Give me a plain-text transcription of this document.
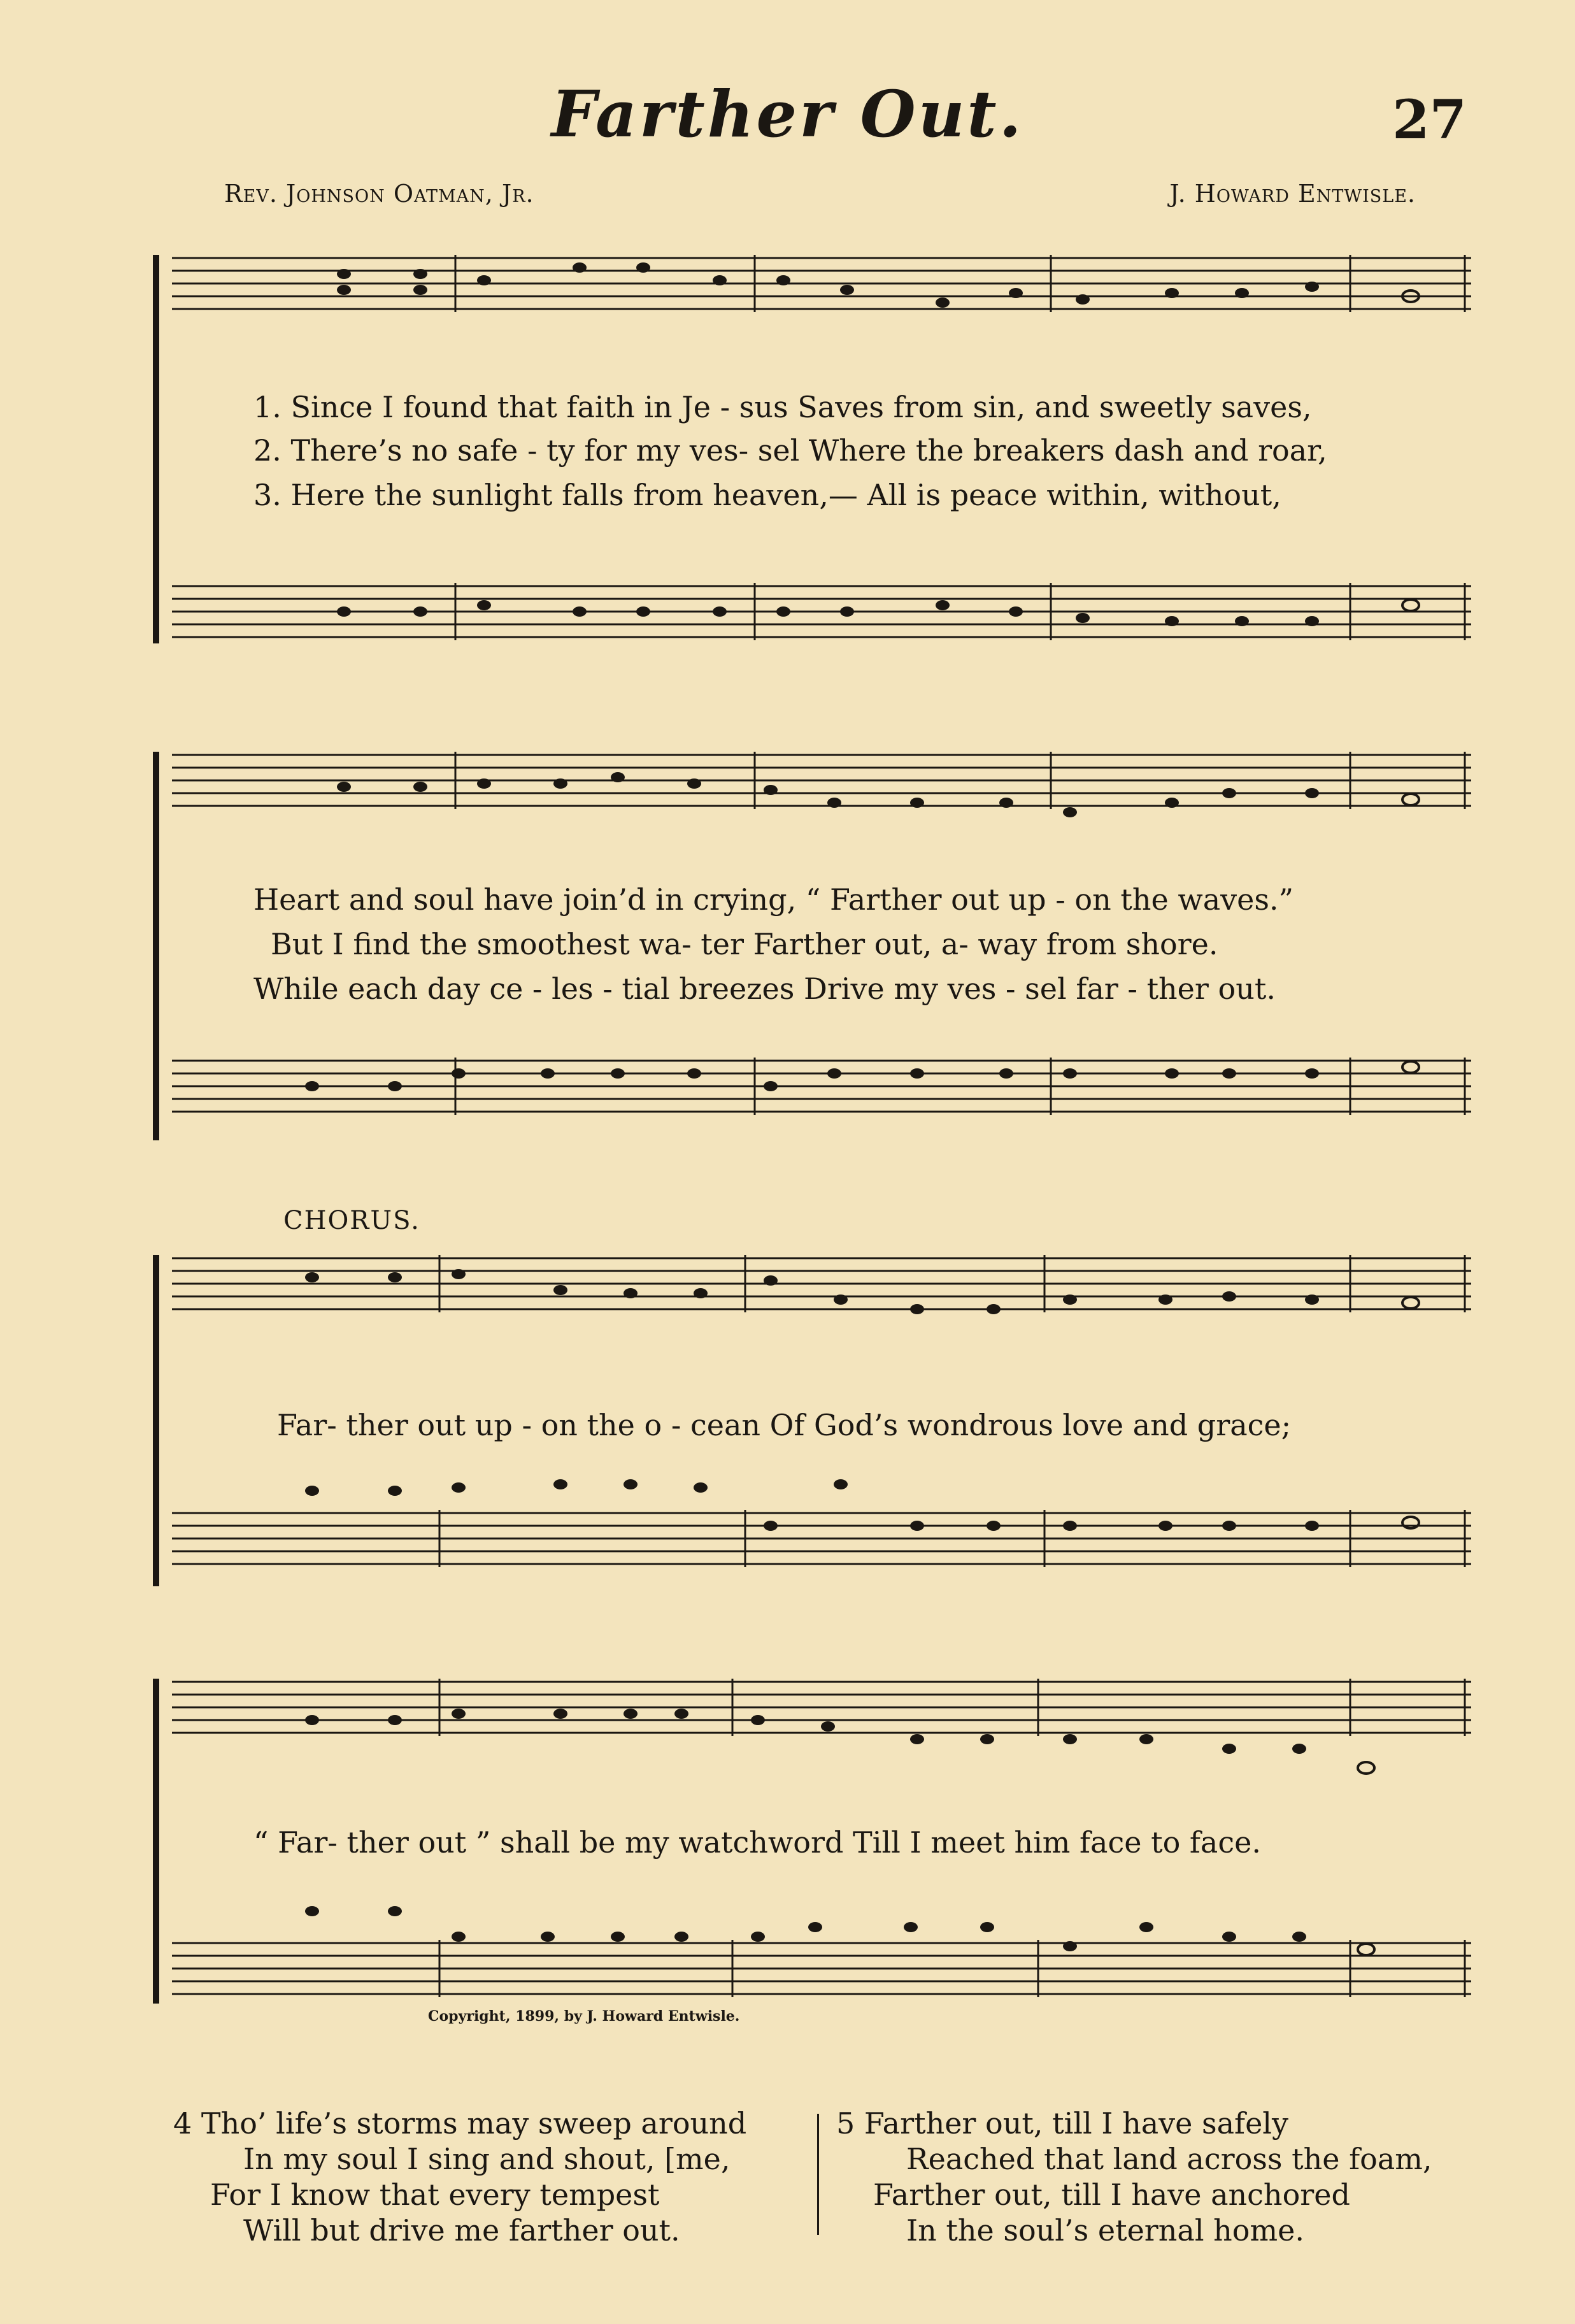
Farther Out.	27
Rev. Johnson Oatman, Jr.	J. Howard Entwisle.
1. Since I found that faith in Je - sus Saves from sin, and sweetly saves,
2. There’s no safe - ty for my ves- sel Where the breakers dash and roar,
3. Here the sunlight falls from heaven,— All is peace within, without,
Heart and soul have join’d in crying, “ Farther out up - on the waves.”
But I find the smoothest wa- ter Farther out, a- way from shore.
While each day ce - les - tial breezes Drive my ves - sel far - ther out.
CHORUS.
Far- ther out up - on the o - cean Of God’s wondrous love and grace;
“ Far- ther out ” shall be my watchword Till I meet him face to face.
Copyright, 1899, by J. Howard Entwisle.
4 Tho’ life’s storms may sweep around
In my soul I sing and shout, [me,
For I know that every tempest
Will but drive me farther out.
5 Farther out, till I have safely
Reached that land across the foam,
Farther out, till I have anchored
In the soul’s eternal home.
